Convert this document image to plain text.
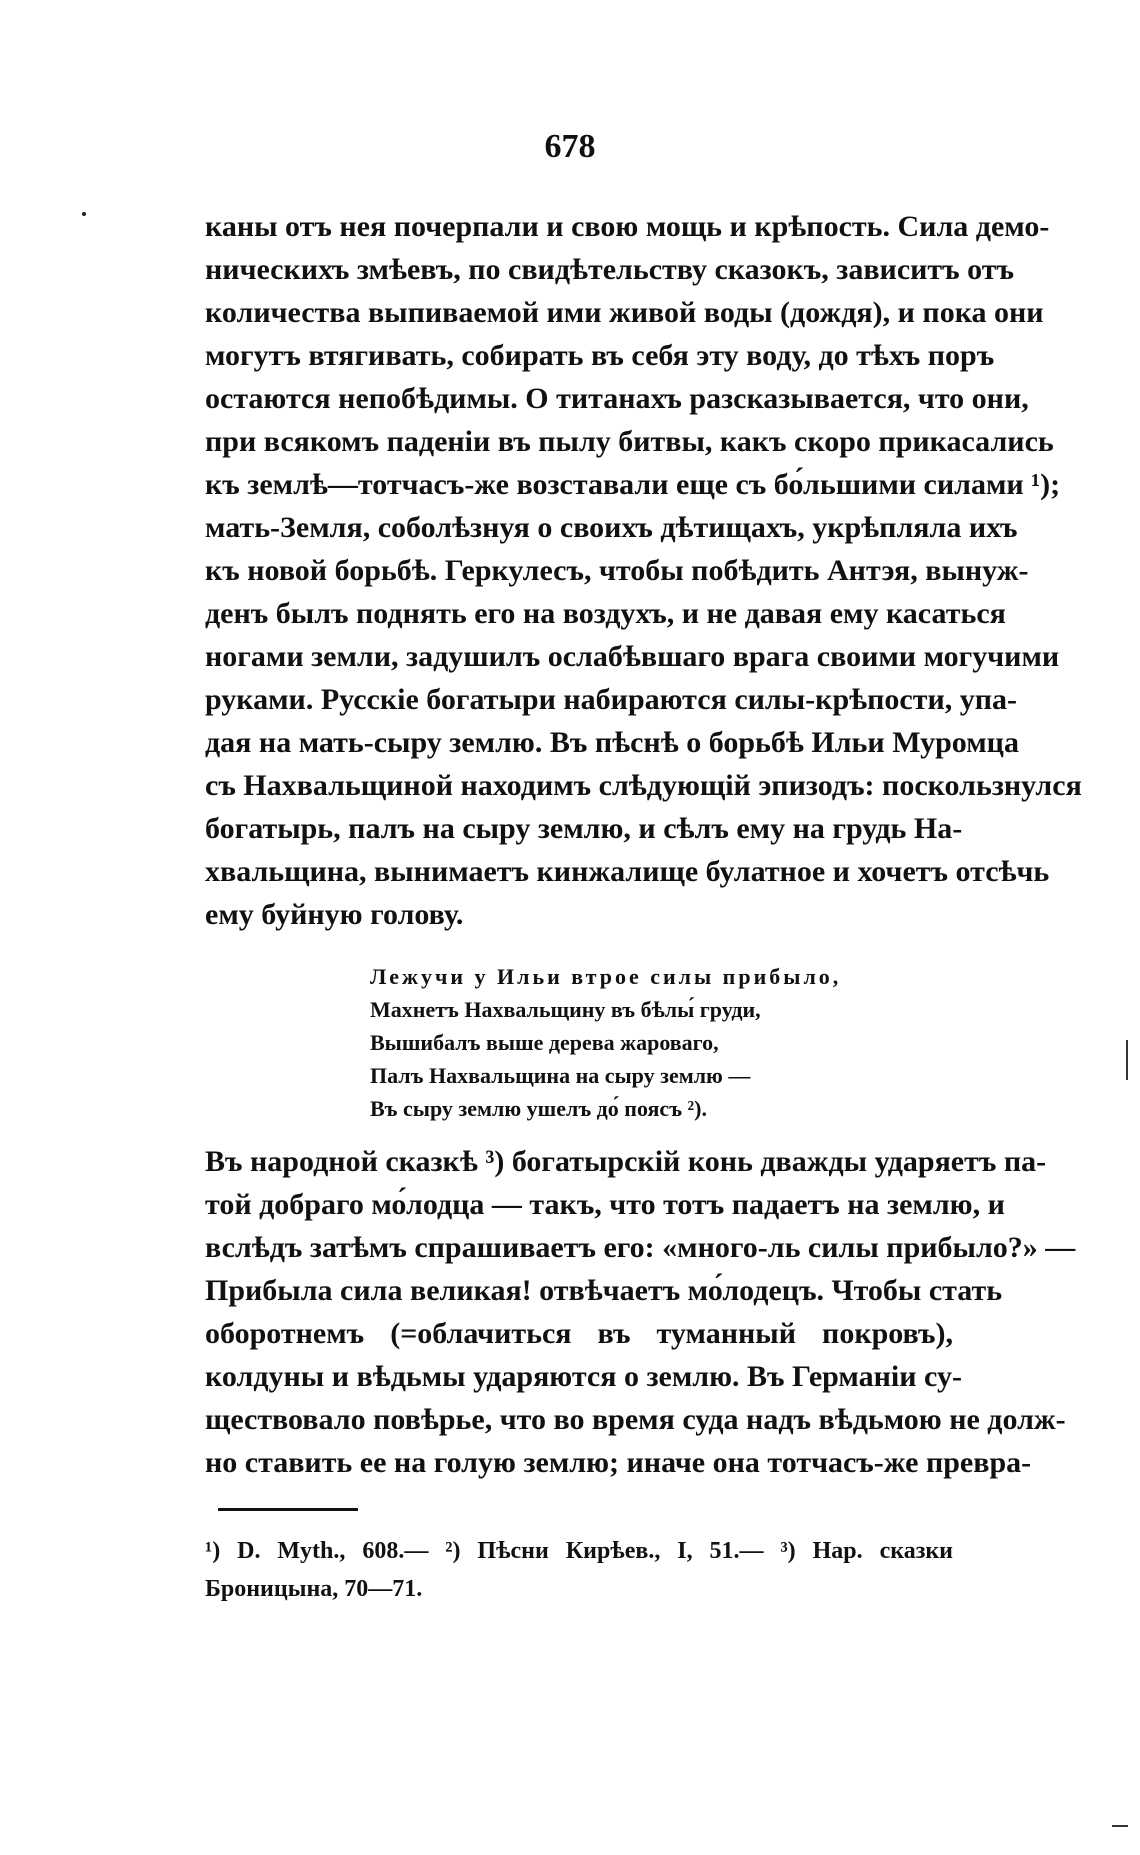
678
каны отъ нея почерпали и свою мощь и крѣпость. Сила демо-
ническихъ змѣевъ, по свидѣтельству сказокъ, зависитъ отъ
количества выпиваемой ими живой воды (дождя), и пока они
могутъ втягивать, собирать въ себя эту воду, до тѣхъ поръ
остаются непобѣдимы. О титанахъ разсказывается, что они,
при всякомъ паденіи въ пылу битвы, какъ скоро прикасались
къ землѣ—тотчасъ-же возставали еще съ бо́льшими силами ¹);
мать-Земля, соболѣзнуя о своихъ дѣтищахъ, укрѣпляла ихъ
къ новой борьбѣ. Геркулесъ, чтобы побѣдить Антэя, вынуж-
денъ былъ поднять его на воздухъ, и не давая ему касаться
ногами земли, задушилъ ослабѣвшаго врага своими могучими
руками. Русскіе богатыри набираются силы-крѣпости, упа-
дая на мать-сыру землю. Въ пѣснѣ о борьбѣ Ильи Муромца
съ Нахвальщиной находимъ слѣдующій эпизодъ: поскользнулся
богатырь, палъ на сыру землю, и сѣлъ ему на грудь На-
хвальщина, вынимаетъ кинжалище булатное и хочетъ отсѣчь
ему буйную голову.
Лежучи у Ильи втрое силы прибыло,
Махнетъ Нахвальщину въ бѣлы́ груди,
Вышибалъ выше дерева жароваго,
Палъ Нахвальщина на сыру землю —
Въ сыру землю ушелъ до́ поясъ ²).
Въ народной сказкѣ ³) богатырскій конь дважды ударяетъ па-
той добраго мо́лодца — такъ, что тотъ падаетъ на землю, и
вслѣдъ затѣмъ спрашиваетъ его: «много-ль силы прибыло?» —
Прибыла сила великая! отвѣчаетъ мо́лодецъ. Чтобы стать
оборотнемъ (=облачиться въ туманный покровъ),
колдуны и вѣдьмы ударяются о землю. Въ Германіи су-
ществовало повѣрье, что во время суда надъ вѣдьмою не долж-
но ставить ее на голую землю; иначе она тотчасъ-же превра-
¹) D. Myth., 608.— ²) Пѣсни Кирѣев., I, 51.— ³) Нар. сказки
Броницына, 70—71.
